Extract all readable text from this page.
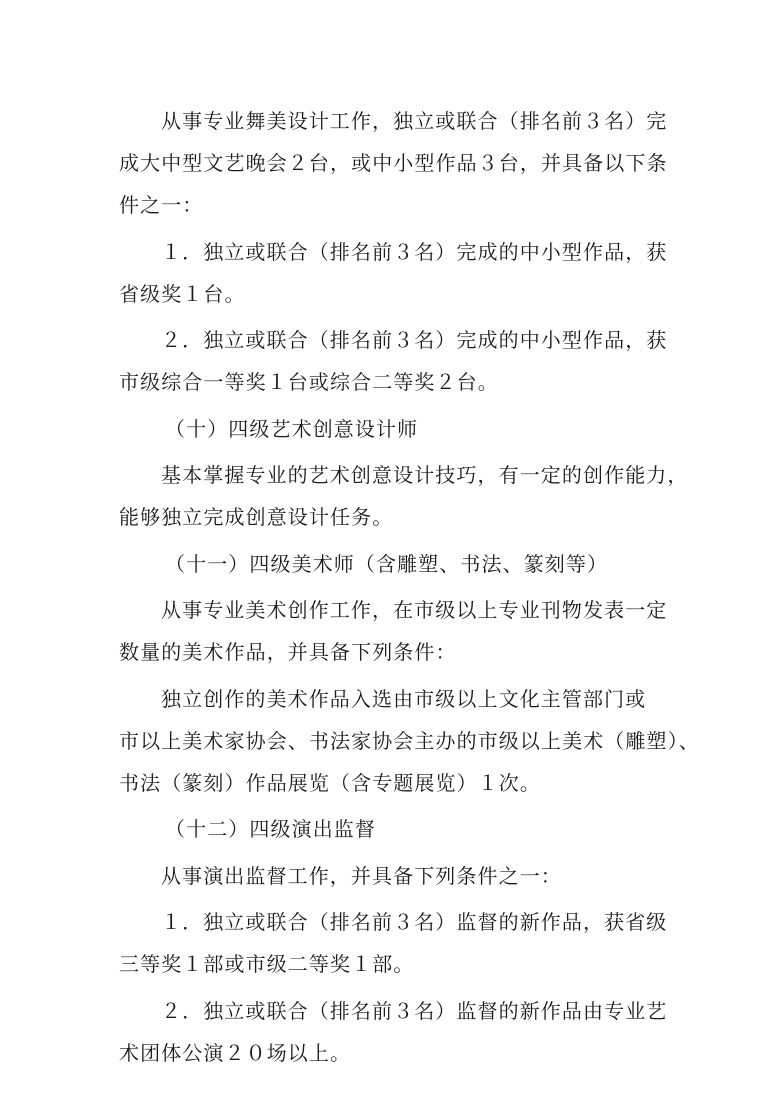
从事专业舞美设计工作，独立或联合（排名前３名）完
成大中型文艺晚会２台，或中小型作品３台，并具备以下条
件之一：
１．独立或联合（排名前３名）完成的中小型作品，获
省级奖１台。
２．独立或联合（排名前３名）完成的中小型作品，获
市级综合一等奖１台或综合二等奖２台。
（十）四级艺术创意设计师
基本掌握专业的艺术创意设计技巧，有一定的创作能力，
能够独立完成创意设计任务。
（十一）四级美术师（含雕塑、书法、篆刻等）
从事专业美术创作工作，在市级以上专业刊物发表一定
数量的美术作品，并具备下列条件：
独立创作的美术作品入选由市级以上文化主管部门或
市以上美术家协会、书法家协会主办的市级以上美术（雕塑）、
书法（篆刻）作品展览（含专题展览）１次。
（十二）四级演出监督
从事演出监督工作，并具备下列条件之一：
１．独立或联合（排名前３名）监督的新作品，获省级
三等奖１部或市级二等奖１部。
２．独立或联合（排名前３名）监督的新作品由专业艺
术团体公演２０场以上。
